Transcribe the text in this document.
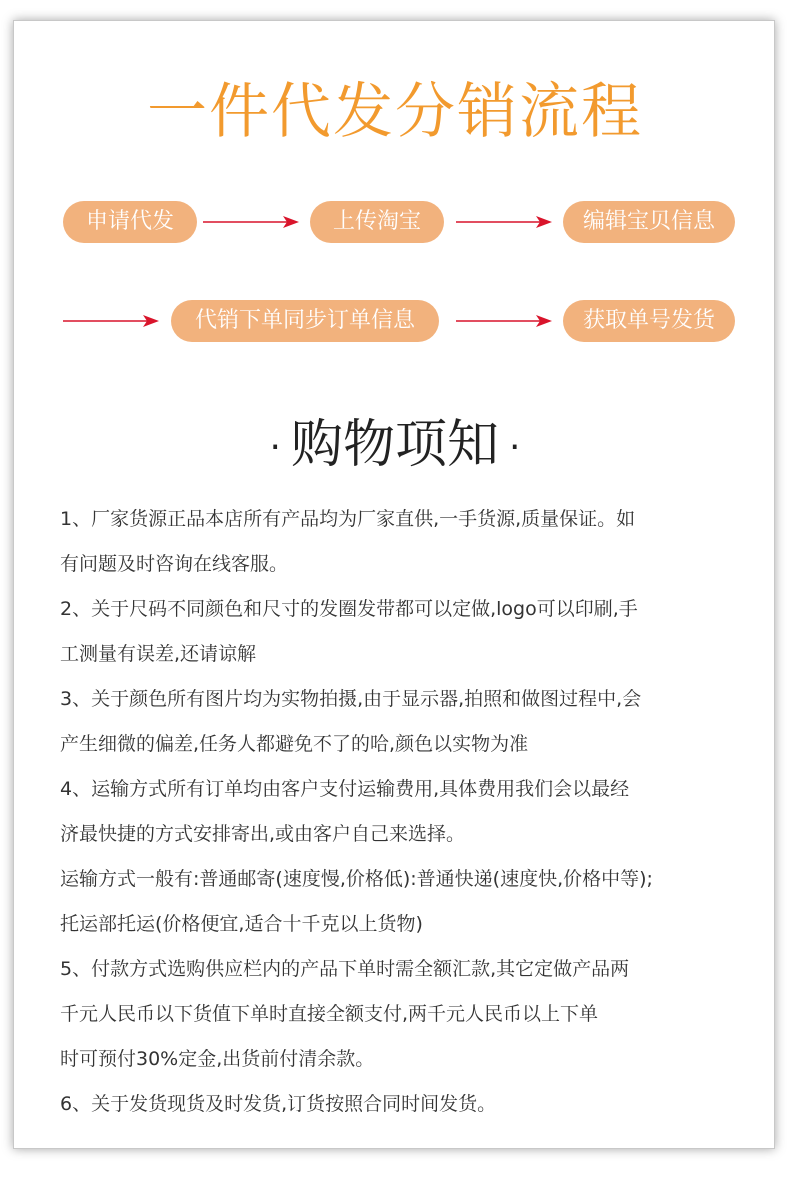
一件代发分销流程
申请代发	上传淘宝	编辑宝贝信息
代销下单同步订单信息	获取单号发货
· 购物项知 ·
1、厂家货源正品本店所有产品均为厂家直供,一手货源,质量保证。如
有问题及时咨询在线客服。
2、关于尺码不同颜色和尺寸的发圈发带都可以定做,logo可以印刷,手
工测量有误差,还请谅解
3、关于颜色所有图片均为实物拍摄,由于显示器,拍照和做图过程中,会
产生细微的偏差,任务人都避免不了的哈,颜色以实物为准
4、运输方式所有订单均由客户支付运输费用,具体费用我们会以最经
济最快捷的方式安排寄出,或由客户自己来选择。
运输方式一般有:普通邮寄(速度慢,价格低):普通快递(速度快,价格中等);
托运部托运(价格便宜,适合十千克以上货物)
5、付款方式选购供应栏内的产品下单时需全额汇款,其它定做产品两
千元人民币以下货值下单时直接全额支付,两千元人民币以上下单
时可预付30%定金,出货前付清余款。
6、关于发货现货及时发货,订货按照合同时间发货。
